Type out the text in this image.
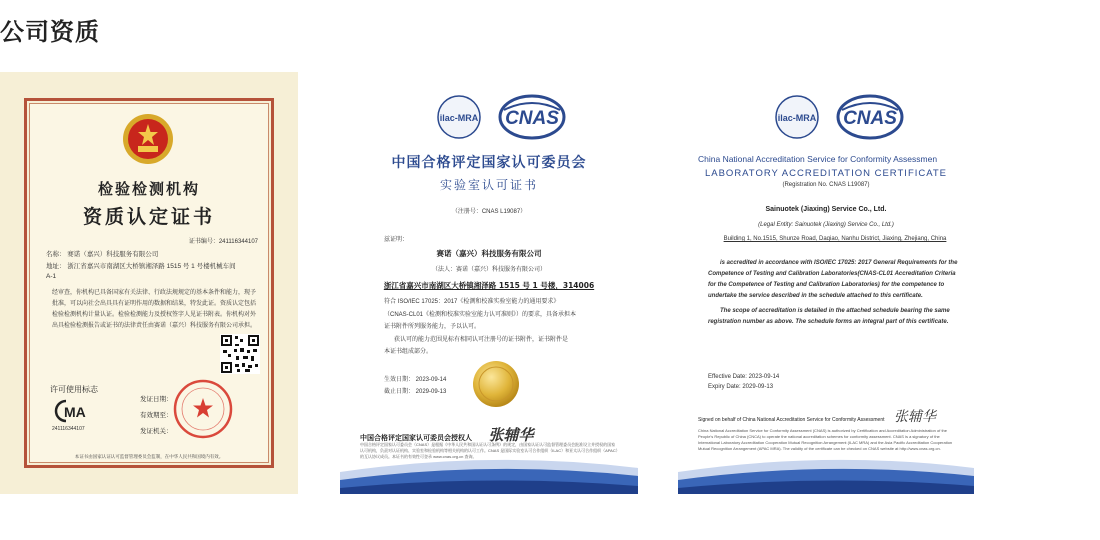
公司资质
检验检测机构
资质认定证书
证书编号：241116344107
名称： 赛诺（嘉兴）科技服务有限公司
地址： 浙江省嘉兴市南湖区大桥镇湘泽路 1515 号 1 号楼机械车间
A-1
经审查，你机构已具备国家有关法律、行政法规规定的基本条件和能力，现予批准，可以向社会出具具有证明作用的数据和结果，特发此证。资质认定包括检验检测机构计量认证。检验检测能力及授权签字人见证书附表。你机构对外出具检验检测报告或证书的法律责任由赛诺（嘉兴）科技服务有限公司承担。
许可使用标志
MA
241116344107
发证日期：
有效期至：
发证机关：
本证书由国家认证认可监督管理委员会监制，在中华人民共和国境内有效。
ilac-MRA CNAS
中国合格评定国家认可委员会
实验室认可证书
（注册号：CNAS L19087）
兹证明：
赛诺（嘉兴）科技服务有限公司
（法人：赛诺（嘉兴）科技服务有限公司）
浙江省嘉兴市南湖区大桥镇湘泽路 1515 号 1 号楼，314006
符合 ISO/IEC 17025：2017《检测和校准实验室能力的通用要求》
（CNAS-CL01《检测和校准实验室能力认可准则》）的要求，具备承担本
证书附件所列服务能力，予以认可。
获认可的能力范围见标有相同认可注册号的证书附件，证书附件是
本证书组成部分。
生效日期： 2023-09-14
截止日期： 2029-09-13
中国合格评定国家认可委员会授权人 张辅华
中国合格评定国家认可委员会（CNAS）是根据《中华人民共和国认证认可条例》的规定，由国家认证认可监督管理委员会批准设立并授权的国家认可机构，负责对认证机构、实验室和检验机构等相关机构的认可工作。CNAS 是国际实验室认可合作组织（ILAC）和亚太认可合作组织（APAC）的互认协议成员。本证书的有效性可登录 www.cnas.org.cn 查询。
ilac-MRA CNAS
China National Accreditation Service for Conformity Assessmen
LABORATORY ACCREDITATION CERTIFICATE
(Registration No. CNAS L19087)
Sainuotek (Jiaxing) Service Co., Ltd.
(Legal Entity: Sainuotek (Jiaxing) Service Co., Ltd.)
Building 1, No.1515, Shunze Road, Daqiao, Nanhu District, Jiaxing, Zhejiang, China
is accredited in accordance with ISO/IEC 17025: 2017 General Requirements for the Competence of Testing and Calibration Laboratories(CNAS-CL01 Accreditation Criteria for the Competence of Testing and Calibration Laboratories) for the competence to undertake the service described in the schedule attached to this certificate.
The scope of accreditation is detailed in the attached schedule bearing the same registration number as above. The schedule forms an integral part of this certificate.
Effective Date: 2023-09-14
Expiry Date: 2029-09-13
Signed on behalf of China National Accreditation Service for Conformity Assessment 张辅华
China National Accreditation Service for Conformity Assessment (CNAS) is authorized by Certification and Accreditation Administration of the People's Republic of China (CNCA) to operate the national accreditation schemes for conformity assessment. CNAS is a signatory of the International Laboratory Accreditation Cooperation Mutual Recognition Arrangement (ILAC MRA) and the Asia Pacific Accreditation Cooperation Mutual Recognition Arrangement (APAC MRA). The validity of the certificate can be checked on CNAS website at http://www.cnas.org.cn.
